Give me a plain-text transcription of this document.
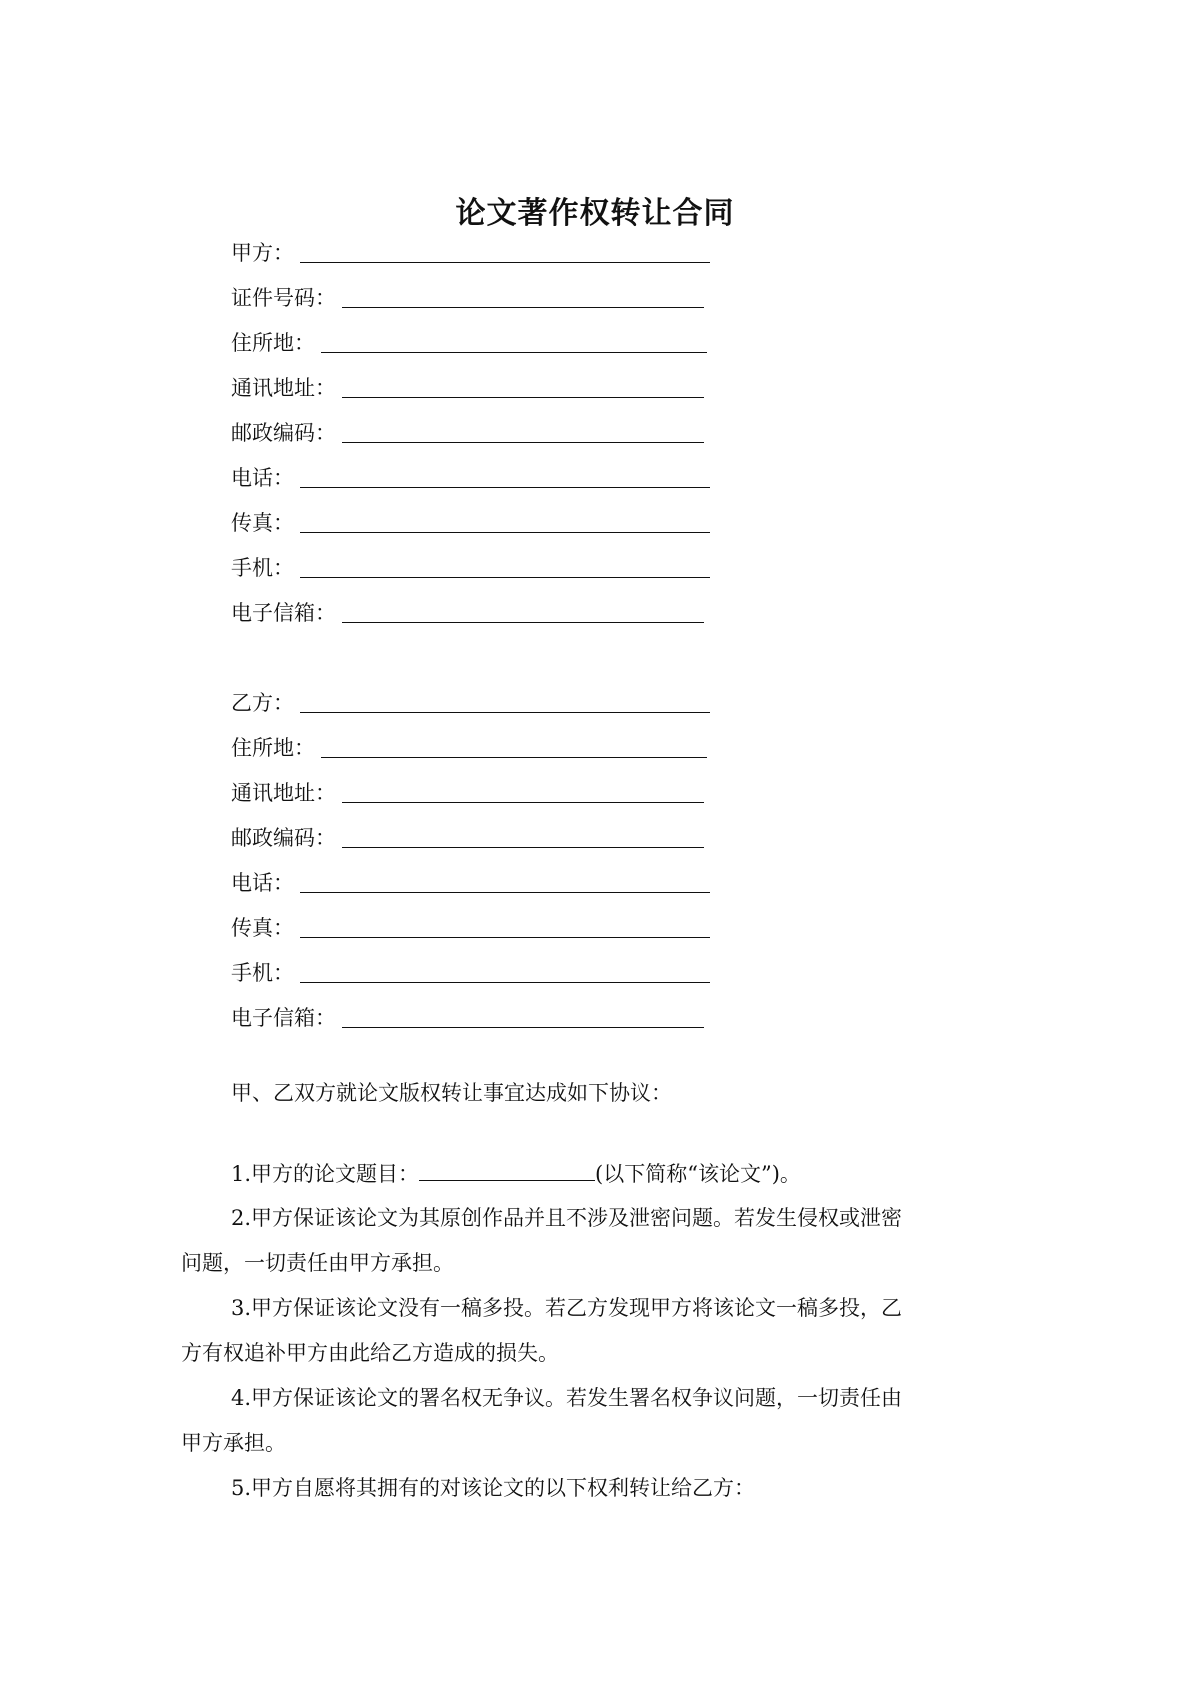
论文著作权转让合同
甲方：
证件号码：
住所地：
通讯地址：
邮政编码：
电话：
传真：
手机：
电子信箱：
乙方：
住所地：
通讯地址：
邮政编码：
电话：
传真：
手机：
电子信箱：
甲、乙双方就论文版权转让事宜达成如下协议：
1.甲方的论文题目：	(以下简称“该论文”)。
2.甲方保证该论文为其原创作品并且不涉及泄密问题。若发生侵权或泄密
问题，一切责任由甲方承担。
3.甲方保证该论文没有一稿多投。若乙方发现甲方将该论文一稿多投，乙
方有权追补甲方由此给乙方造成的损失。
4.甲方保证该论文的署名权无争议。若发生署名权争议问题，一切责任由
甲方承担。
5.甲方自愿将其拥有的对该论文的以下权利转让给乙方：
